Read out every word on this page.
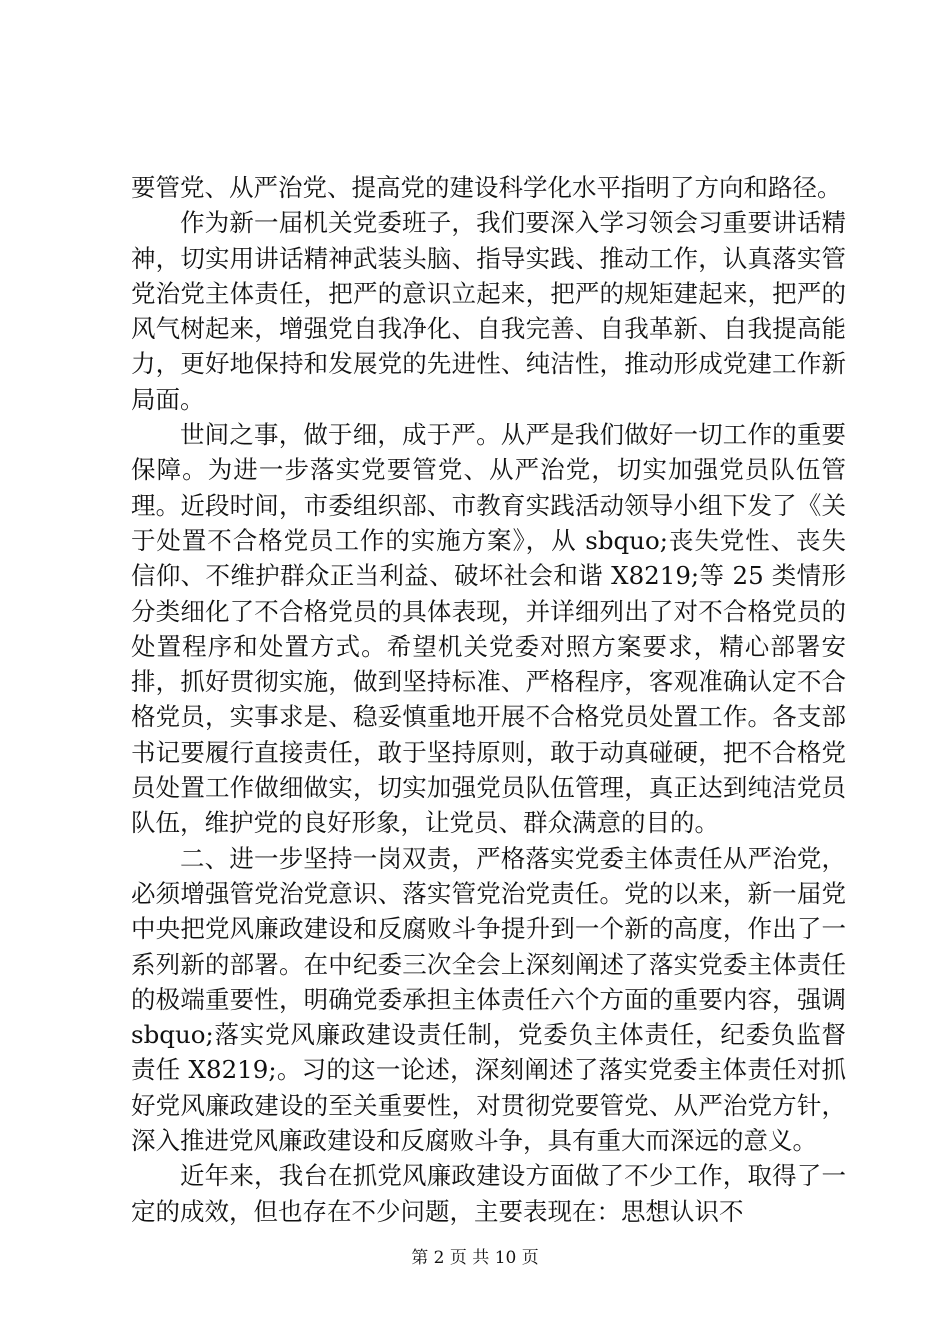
要管党、从严治党、提高党的建设科学化水平指明了方向和路径。

作为新一届机关党委班子，我们要深入学习领会习重要讲话精神，切实用讲话精神武装头脑、指导实践、推动工作，认真落实管党治党主体责任，把严的意识立起来，把严的规矩建起来，把严的风气树起来，增强党自我净化、自我完善、自我革新、自我提高能力，更好地保持和发展党的先进性、纯洁性，推动形成党建工作新局面。

世间之事，做于细，成于严。从严是我们做好一切工作的重要保障。为进一步落实党要管党、从严治党，切实加强党员队伍管理。近段时间，市委组织部、市教育实践活动领导小组下发了《关于处置不合格党员工作的实施方案》，从 sbquo;丧失党性、丧失信仰、不维护群众正当利益、破坏社会和谐 X8219;等 25 类情形分类细化了不合格党员的具体表现，并详细列出了对不合格党员的处置程序和处置方式。希望机关党委对照方案要求，精心部署安排，抓好贯彻实施，做到坚持标准、严格程序，客观准确认定不合格党员，实事求是、稳妥慎重地开展不合格党员处置工作。各支部书记要履行直接责任，敢于坚持原则，敢于动真碰硬，把不合格党员处置工作做细做实，切实加强党员队伍管理，真正达到纯洁党员队伍，维护党的良好形象，让党员、群众满意的目的。

二、进一步坚持一岗双责，严格落实党委主体责任从严治党，必须增强管党治党意识、落实管党治党责任。党的以来，新一届党中央把党风廉政建设和反腐败斗争提升到一个新的高度，作出了一系列新的部署。在中纪委三次全会上深刻阐述了落实党委主体责任的极端重要性，明确党委承担主体责任六个方面的重要内容，强调 sbquo;落实党风廉政建设责任制，党委负主体责任，纪委负监督责任 X8219;。习的这一论述，深刻阐述了落实党委主体责任对抓好党风廉政建设的至关重要性，对贯彻党要管党、从严治党方针，深入推进党风廉政建设和反腐败斗争，具有重大而深远的意义。

近年来，我台在抓党风廉政建设方面做了不少工作，取得了一定的成效，但也存在不少问题，主要表现在：思想认识不

第 2 页 共 10 页
